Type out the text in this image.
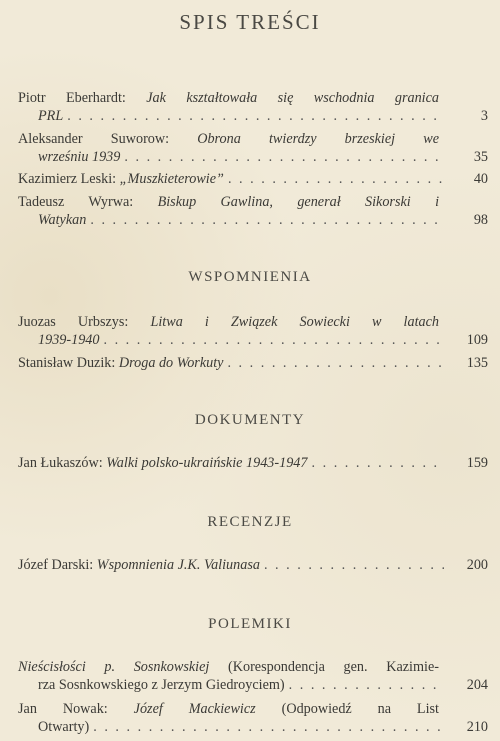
SPIS TREŚCI
Piotr Eberhardt: Jak kształtowała się wschodnia granica
PRL . . .	3
Aleksander Suworow: Obrona twierdzy brzeskiej we
wrześniu 1939 . . .	35
Kazimierz Leski:
„Muszkieterowie” . . .	40
Tadeusz Wyrwa: Biskup Gawlina, generał Sikorski i
Watykan . . .	98
WSPOMNIENIA
Juozas Urbszys: Litwa i Związek Sowiecki w latach
1939-1940 . . .	109
Stanisław Duzik:
Droga do Workuty . . .	135
DOKUMENTY
Jan Łukaszów:
Walki polsko-ukraińskie 1943-1947 . . .	159
RECENZJE
Józef Darski:
Wspomnienia J.K. Valiunasa . . .	200
POLEMIKI
Nieścisłości p. Sosnkowskiej (Korespondencja gen. Kazimie-
rza Sosnkowskiego z Jerzym Giedroyciem) . . .	204
Jan Nowak: Józef Mackiewicz (Odpowiedź na List
Otwarty) . . .	210
